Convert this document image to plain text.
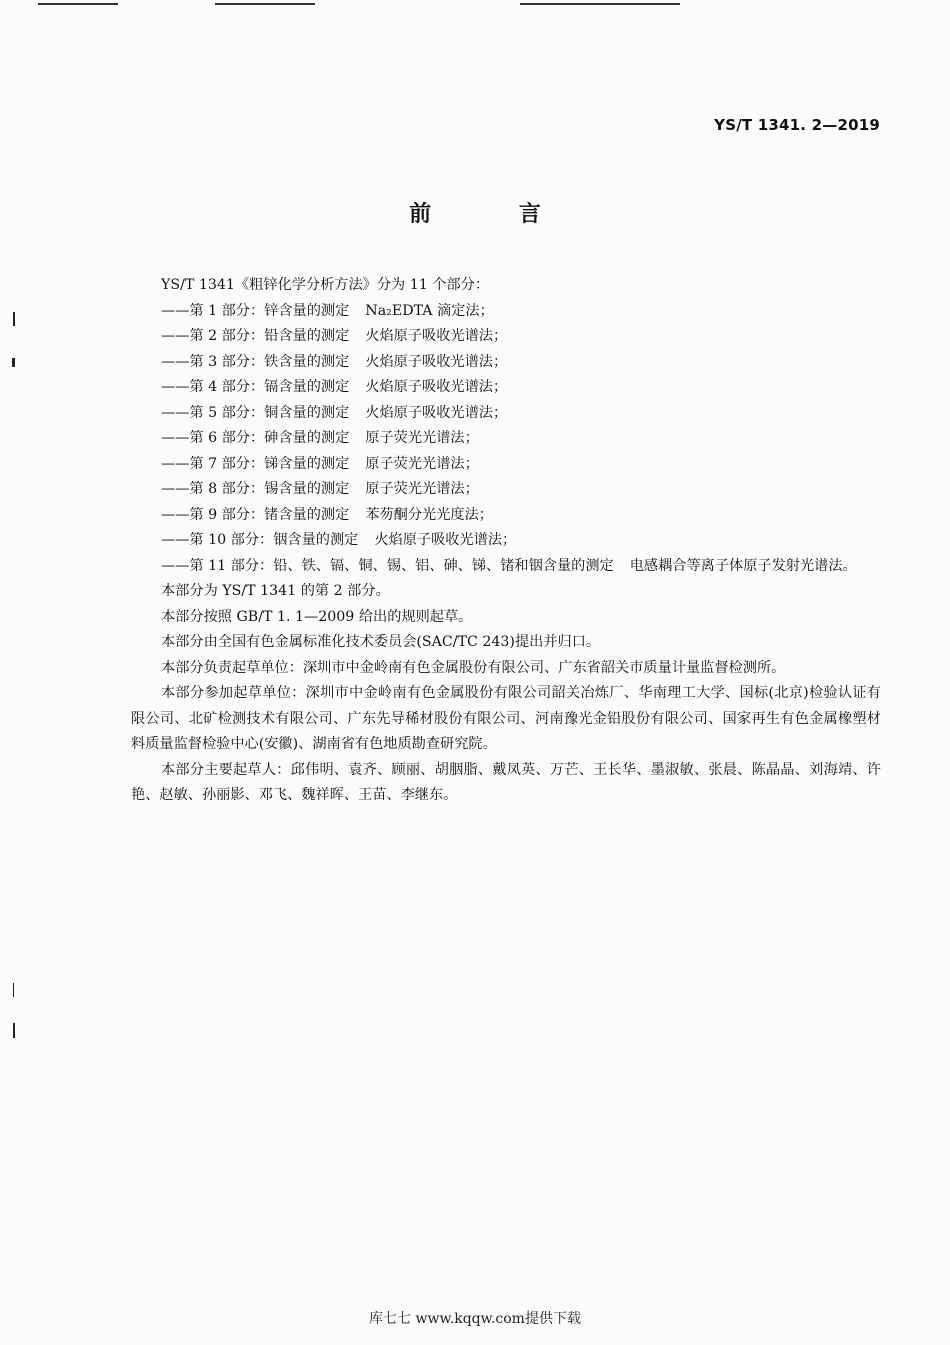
YS/T 1341. 2—2019
前 言

YS/T 1341《粗锌化学分析方法》分为 11 个部分：

——第 1 部分：锌含量的测定 Na₂EDTA 滴定法；

——第 2 部分：铅含量的测定 火焰原子吸收光谱法；

——第 3 部分：铁含量的测定 火焰原子吸收光谱法；

——第 4 部分：镉含量的测定 火焰原子吸收光谱法；

——第 5 部分：铜含量的测定 火焰原子吸收光谱法；

——第 6 部分：砷含量的测定 原子荧光光谱法；

——第 7 部分：锑含量的测定 原子荧光光谱法；

——第 8 部分：锡含量的测定 原子荧光光谱法；

——第 9 部分：锗含量的测定 苯芴酮分光光度法；

——第 10 部分：铟含量的测定 火焰原子吸收光谱法；

——第 11 部分：铅、铁、镉、铜、锡、铝、砷、锑、锗和铟含量的测定 电感耦合等离子体原子发射光谱法。

本部分为 YS/T 1341 的第 2 部分。

本部分按照 GB/T 1. 1—2009 给出的规则起草。

本部分由全国有色金属标准化技术委员会(SAC/TC 243)提出并归口。

本部分负责起草单位：深圳市中金岭南有色金属股份有限公司、广东省韶关市质量计量监督检测所。

本部分参加起草单位：深圳市中金岭南有色金属股份有限公司韶关冶炼厂、华南理工大学、国标(北京)检验认证有限公司、北矿检测技术有限公司、广东先导稀材股份有限公司、河南豫光金铅股份有限公司、国家再生有色金属橡塑材料质量监督检验中心(安徽)、湖南省有色地质勘查研究院。

本部分主要起草人：邱伟明、袁齐、顾丽、胡胭脂、戴凤英、万芒、王长华、墨淑敏、张晨、陈晶晶、刘海靖、许艳、赵敏、孙丽影、邓飞、魏祥晖、王苗、李继东。

库七七 www.kqqw.com提供下载
